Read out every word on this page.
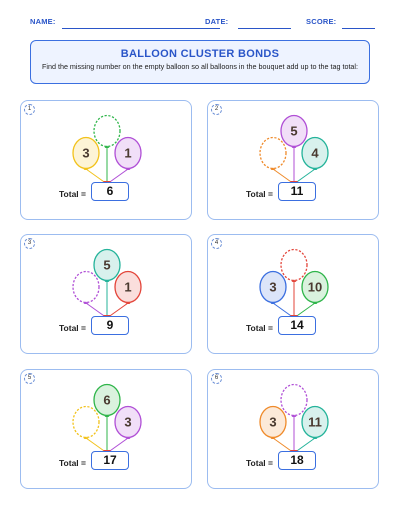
NAME:	DATE:	SCORE:
BALLOON CLUSTER BONDS
Find the missing number on the empty balloon so all balloons in the bouquet add up to the tag total:
1
3	1
Total =	6
2
5
4
Total =	11
3
5
1
Total =	9
4
3 10
Total =	14
5
6
3
Total =	17
6
3 11
Total =	18
